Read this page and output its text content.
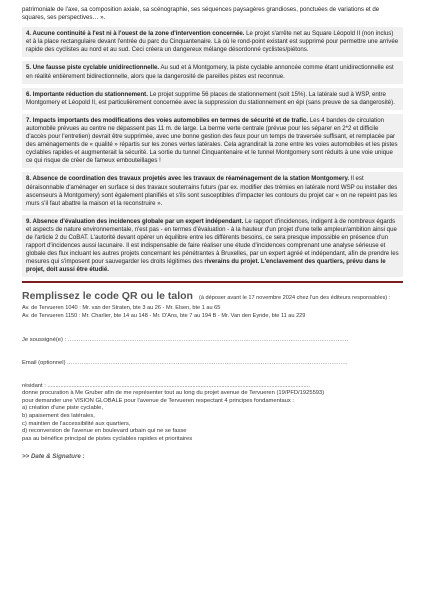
patrimoniale de l'axe, sa composition axiale, sa scénographie, ses séquences paysagères grandioses, ponctuées de variations et de squares, ses perspectives… ».

4. Aucune continuité à l'est ni à l'ouest de la zone d'intervention concernée. Le projet s'arrête net au Square Léopold II (non inclus) et à la place rectangulaire devant l'entrée du parc du Cinquantenaire. Là où le rond-point existant est supprimé pour permettre une arrivée rapide des cyclistes au nord et au sud. Ceci créera un dangereux mélange désordonné cyclistes/piétons.
5. Une fausse piste cyclable unidirectionnelle. Au sud et à Montgomery, la piste cyclable annoncée comme étant unidirectionnelle est en réalité entièrement bidirectionnelle, alors que la dangerosité de pareilles pistes est reconnue.
6. Importante réduction du stationnement. Le projet supprime 56 places de stationnement (soit 15%). La latérale sud à WSP, entre Montgomery et Léopold II, est particulièrement concernée avec la suppression du stationnement en épi (sans preuve de sa dangerosité).
7. Impacts importants des modifications des voies automobiles en termes de sécurité et de trafic. Les 4 bandes de circulation automobile prévues au centre ne dépassent pas 11 m. de large. La berme verte centrale (prévue pour les séparer en 2*2 et difficile d'accès pour l'entretien) devrait être supprimée, avec une bonne gestion des feux pour un temps de traversée suffisant, et remplacée par des aménagements de « qualité » répartis sur les zones vertes latérales. Cela agrandirait la zone entre les voies automobiles et les pistes cyclables rapides et augmenterait la sécurité. La sortie du tunnel Cinquantenaire et le tunnel Montgomery sont réduits à une voie unique ce qui risque de créer de fameux embouteillages !
8. Absence de coordination des travaux projetés avec les travaux de réaménagement de la station Montgomery. Il est déraisonnable d'aménager en surface si des travaux souterrains futurs (par ex. modifier des trémies en latérale nord WSP ou installer des ascenseurs à Montgomery) sont également planifiés et s'ils sont susceptibles d'impacter les contours du projet car « on ne repeint pas les murs s'il faut abattre la maison et la reconstruire ».
9. Absence d'évaluation des incidences globale par un expert indépendant. Le rapport d'incidences, indigent à de nombreux égards et aspects de nature environnementale, n'est pas - en termes d'évaluation - à la hauteur d'un projet d'une telle ampleur/ambition ainsi que de l'article 2 du CoBAT. L'autorité devant opérer un équilibre entre les différents besoins, ce sera presque impossible en présence d'un rapport d'incidences aussi lacunaire. Il est indispensable de faire réaliser une étude d'incidences comprenant une analyse sérieuse et globale des flux incluant les autres projets concernant les pénétrantes à Bruxelles, par un expert agréé et indépendant, afin de prendre les mesures qui s'imposent pour sauvegarder les droits légitimes des riverains du projet. L'enclavement des quartiers, prévu dans le projet, doit aussi être étudié.
Remplissez le code QR ou le talon (à déposer avant le 17 novembre 2024 chez l'un des éditeurs responsables) :
Av. de Tervueren 1040 : Mr. van der Straten, bte 3 au 26 - Mr. Elsen, bte 1 au 65
Av. de Tervueren 1150 : Mr. Charlier, bte 14 au 148 - Mr. D'Ans, bte 7 au 194 B - Mr. Van den Eynde, bte 11 au 229
Je soussigné(e) : ...........................................................................................................................................................
Email (optionnel) ...........................................................................................................................................................
résidant : ...................................................................................................................................................................
donne procuration à Me Gruber afin de me représenter tout au long du projet avenue de Tervueren (19/PFD/1925593)
pour demander une VISION GLOBALE pour l'avenue de Tervueren respectant 4 principes fondamentaux :
a) création d'une piste cyclable,
b) apaisement des latérales,
c) maintien de l'accessibilité aux quartiers,
d) reconversion de l'avenue en boulevard urbain qui ne se fasse
pas au bénéfice principal de pistes cyclables rapides et prioritaires
>> Date & Signature :
